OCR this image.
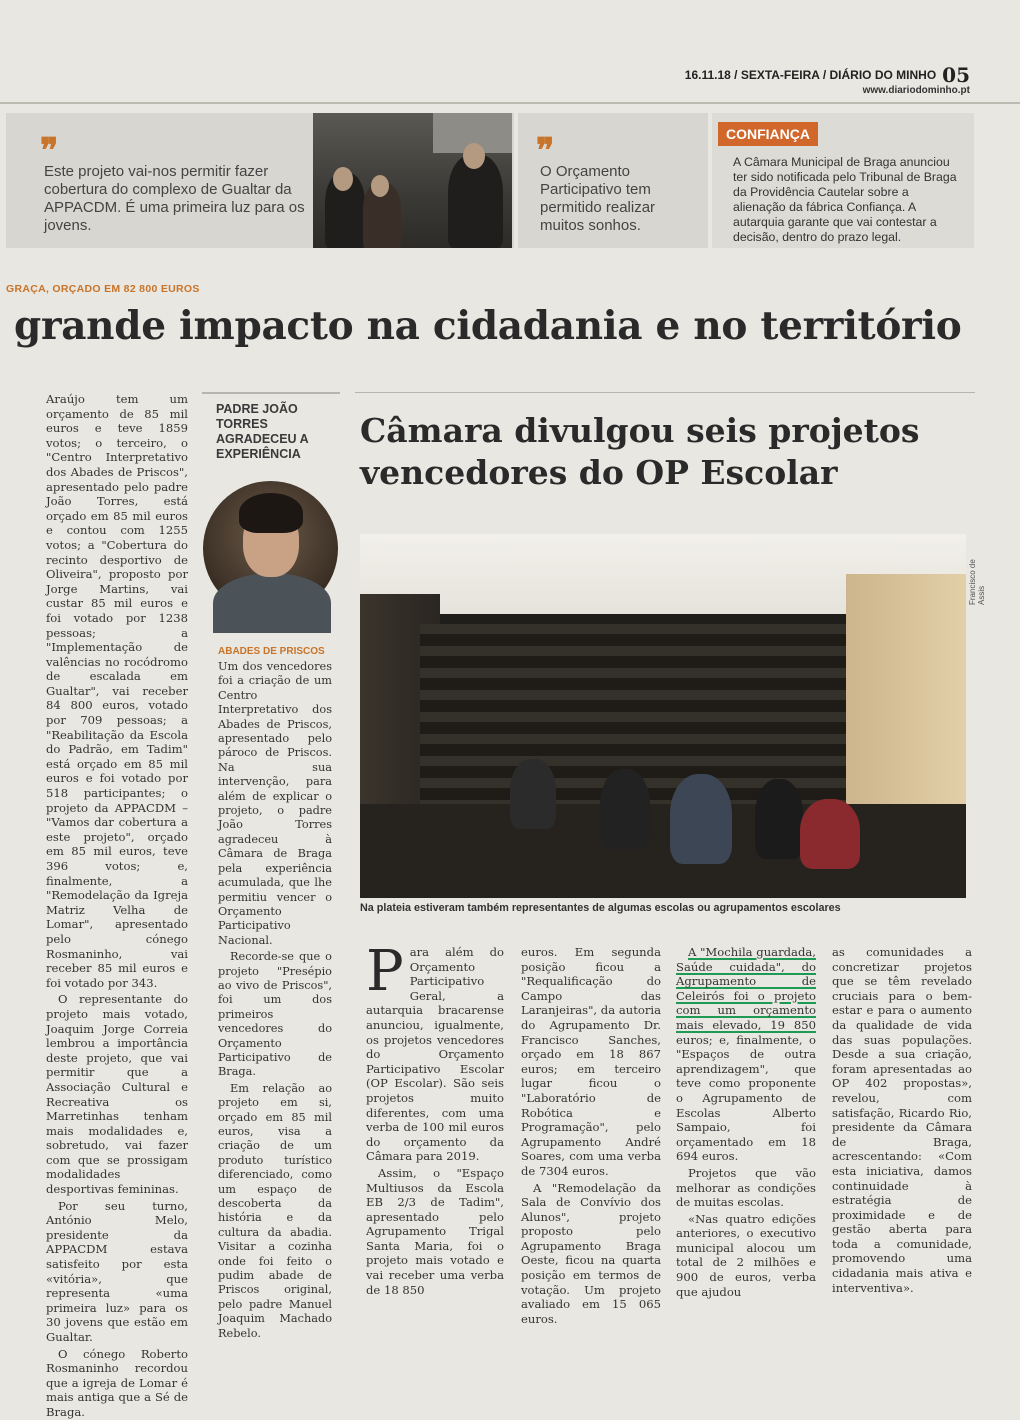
16.11.18 / SEXTA-FEIRA / DIÁRIO DO MINHO 05
www.diariodominho.pt
❞
Este projeto vai-nos permitir fazer cobertura do complexo de Gualtar da APPACDM. É uma primeira luz para os jovens.
❞
O Orçamento Participativo tem permitido realizar muitos sonhos.
CONFIANÇA
A Câmara Municipal de Braga anunciou ter sido notificada pelo Tribunal de Braga da Providência Cautelar sobre a alienação da fábrica Confiança. A autarquia garante que vai contestar a decisão, dentro do prazo legal.
GRAÇA, ORÇADO EM 82 800 EUROS
grande impacto na cidadania e no território

Araújo tem um orçamento de 85 mil euros e teve 1859 votos; o terceiro, o "Centro Interpretativo dos Abades de Priscos", apresentado pelo padre João Torres, está orçado em 85 mil euros e contou com 1255 votos; a "Cobertura do recinto desportivo de Oliveira", proposto por Jorge Martins, vai custar 85 mil euros e foi votado por 1238 pessoas; a "Implementação de valências no rocódromo de escalada em Gualtar", vai receber 84 800 euros, votado por 709 pessoas; a "Reabilitação da Escola do Padrão, em Tadim" está orçado em 85 mil euros e foi votado por 518 participantes; o projeto da APPACDM – "Vamos dar cobertura a este projeto", orçado em 85 mil euros, teve 396 votos; e, finalmente, a "Remodelação da Igreja Matriz Velha de Lomar", apresentado pelo cónego Rosmaninho, vai receber 85 mil euros e foi votado por 343.

O representante do projeto mais votado, Joaquim Jorge Correia lembrou a importância deste projeto, que vai permitir que a Associação Cultural e Recreativa os Marretinhas tenham mais modalidades e, sobretudo, vai fazer com que se prossigam modalidades desportivas femininas.

Por seu turno, António Melo, presidente da APPACDM estava satisfeito por esta «vitória», que representa «uma primeira luz» para os 30 jovens que estão em Gualtar.

O cónego Roberto Rosmaninho recordou que a igreja de Lomar é mais antiga que a Sé de Braga.

PADRE JOÃO TORRES AGRADECEU A EXPERIÊNCIA
ABADES DE PRISCOS

Um dos vencedores foi a criação de um Centro Interpretativo dos Abades de Priscos, apresentado pelo pároco de Priscos. Na sua intervenção, para além de explicar o projeto, o padre João Torres agradeceu à Câmara de Braga pela experiência acumulada, que lhe permitiu vencer o Orçamento Participativo Nacional.

Recorde-se que o projeto "Presépio ao vivo de Priscos", foi um dos primeiros vencedores do Orçamento Participativo de Braga.

Em relação ao projeto em si, orçado em 85 mil euros, visa a criação de um produto turístico diferenciado, como um espaço de descoberta da história e da cultura da abadia. Visitar a cozinha onde foi feito o pudim abade de Priscos original, pelo padre Manuel Joaquim Machado Rebelo.

Câmara divulgou seis projetos vencedores do OP Escolar
Francisco de Assis
Na plateia estiveram também representantes de algumas escolas ou agrupamentos escolares

Para além do Orçamento Participativo Geral, a autarquia bracarense anunciou, igualmente, os projetos vencedores do Orçamento Participativo Escolar (OP Escolar). São seis projetos muito diferentes, com uma verba de 100 mil euros do orçamento da Câmara para 2019.

Assim, o "Espaço Multiusos da Escola EB 2/3 de Tadim", apresentado pelo Agrupamento Trigal Santa Maria, foi o projeto mais votado e vai receber uma verba de 18 850

euros. Em segunda posição ficou a "Requalificação do Campo das Laranjeiras", da autoria do Agrupamento Dr. Francisco Sanches, orçado em 18 867 euros; em terceiro lugar ficou o "Laboratório de Robótica e Programação", pelo Agrupamento André Soares, com uma verba de 7304 euros.

A "Remodelação da Sala de Convívio dos Alunos", projeto proposto pelo Agrupamento Braga Oeste, ficou na quarta posição em termos de votação. Um projeto avaliado em 15 065 euros.

A "Mochila guardada, Saúde cuidada", do Agrupamento de Celeirós foi o projeto com um orçamento mais elevado, 19 850 euros; e, finalmente, o "Espaços de outra aprendizagem", que teve como proponente o Agrupamento de Escolas Alberto Sampaio, foi orçamentado em 18 694 euros.

Projetos que vão melhorar as condições de muitas escolas.

«Nas quatro edições anteriores, o executivo municipal alocou um total de 2 milhões e 900 de euros, verba que ajudou

as comunidades a concretizar projetos que se têm revelado cruciais para o bem-estar e para o aumento da qualidade de vida das suas populações. Desde a sua criação, foram apresentadas ao OP 402 propostas», revelou, com satisfação, Ricardo Rio, presidente da Câmara de Braga, acrescentando: «Com esta iniciativa, damos continuidade à estratégia de proximidade e de gestão aberta para toda a comunidade, promovendo uma cidadania mais ativa e interventiva».
